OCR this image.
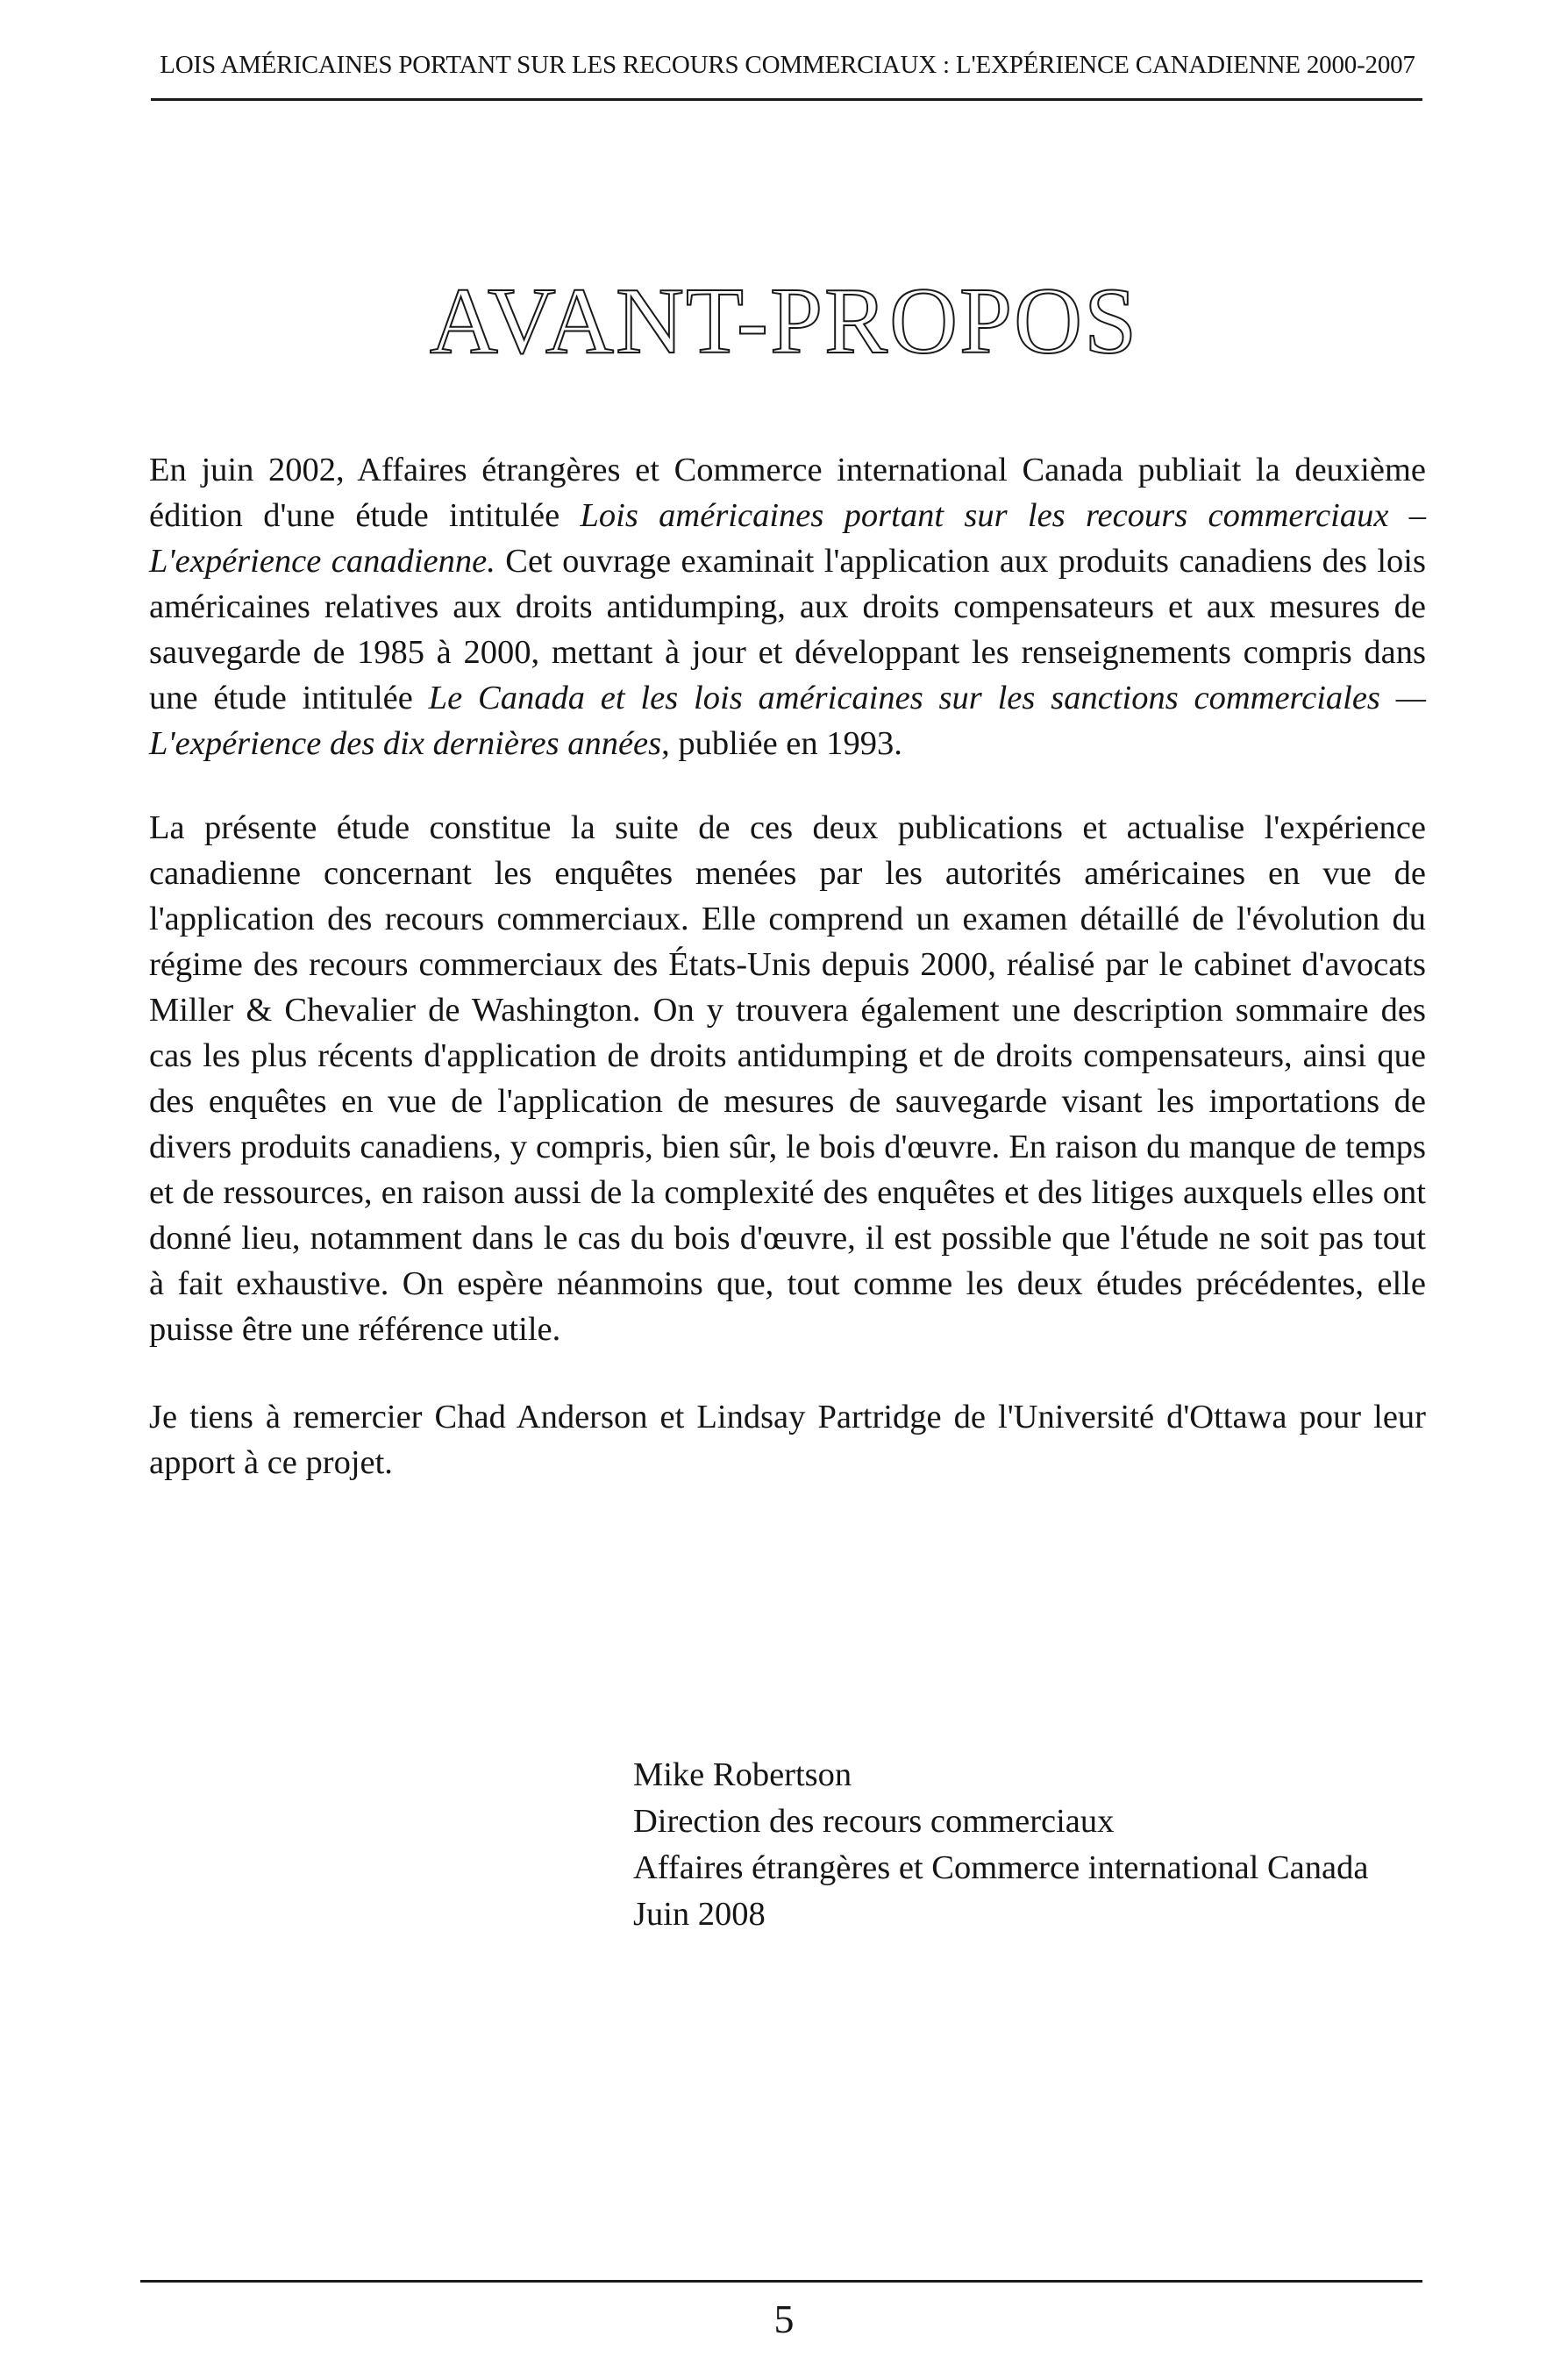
LOIS AMÉRICAINES PORTANT SUR LES RECOURS COMMERCIAUX : L'EXPÉRIENCE CANADIENNE 2000-2007
AVANT-PROPOS

En juin 2002, Affaires étrangères et Commerce international Canada publiait la deuxième édition d'une étude intitulée Lois américaines portant sur les recours commerciaux – L'expérience canadienne. Cet ouvrage examinait l'application aux produits canadiens des lois américaines relatives aux droits antidumping, aux droits compensateurs et aux mesures de sauvegarde de 1985 à 2000, mettant à jour et développant les renseignements compris dans une étude intitulée Le Canada et les lois américaines sur les sanctions commerciales — L'expérience des dix dernières années, publiée en 1993.

La présente étude constitue la suite de ces deux publications et actualise l'expérience canadienne concernant les enquêtes menées par les autorités américaines en vue de l'application des recours commerciaux. Elle comprend un examen détaillé de l'évolution du régime des recours commerciaux des États-Unis depuis 2000, réalisé par le cabinet d'avocats Miller & Chevalier de Washington. On y trouvera également une description sommaire des cas les plus récents d'application de droits antidumping et de droits compensateurs, ainsi que des enquêtes en vue de l'application de mesures de sauvegarde visant les importations de divers produits canadiens, y compris, bien sûr, le bois d'œuvre. En raison du manque de temps et de ressources, en raison aussi de la complexité des enquêtes et des litiges auxquels elles ont donné lieu, notamment dans le cas du bois d'œuvre, il est possible que l'étude ne soit pas tout à fait exhaustive. On espère néanmoins que, tout comme les deux études précédentes, elle puisse être une référence utile.

Je tiens à remercier Chad Anderson et Lindsay Partridge de l'Université d'Ottawa pour leur apport à ce projet.

Mike Robertson
Direction des recours commerciaux
Affaires étrangères et Commerce international Canada
Juin 2008
5
